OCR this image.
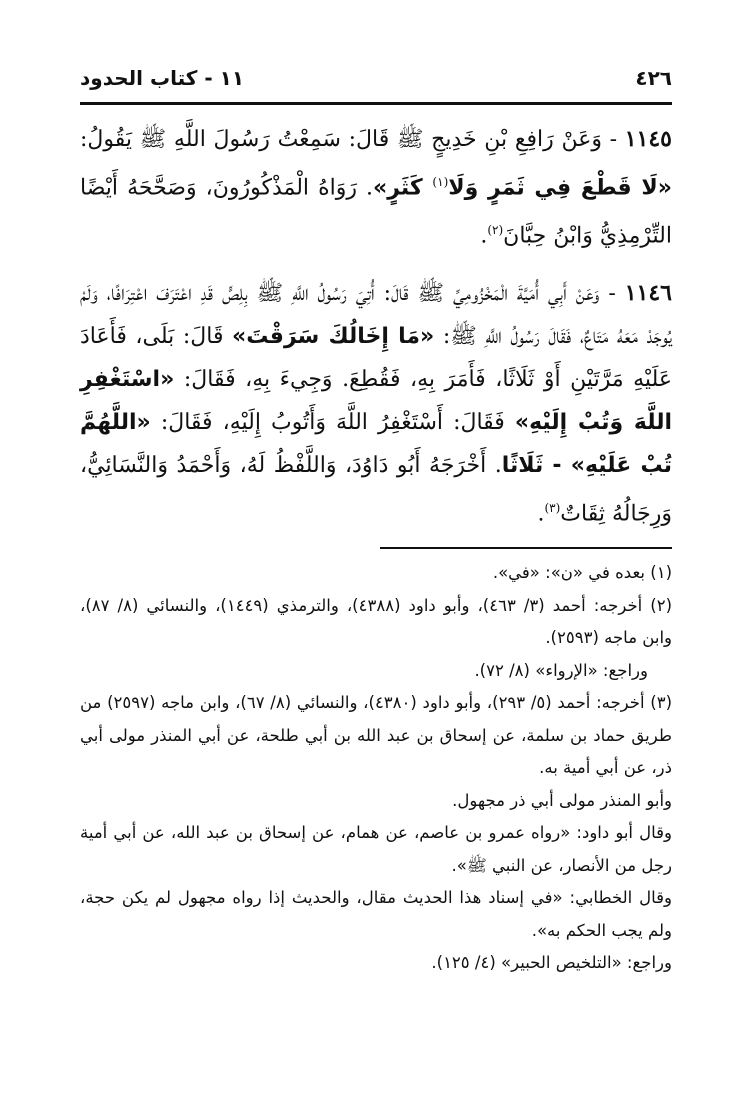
٤٢٦
١١ - كتاب الحدود

١١٤٥ - وَعَنْ رَافِعِ بْنِ خَدِيجٍ ﷺ قَالَ: سَمِعْتُ رَسُولَ اللَّهِ ﷺ يَقُولُ: «لَا قَطْعَ فِي ثَمَرٍ وَلَا$^{(١)}$ كَثَرٍ». رَوَاهُ الْمَذْكُورُونَ، وَصَحَّحَهُ أَيْضًا التِّرْمِذِيُّ وَابْنُ حِبَّانَ$^{(٢)}$.

١١٤٦ - وَعَنْ أَبِي أُمَيَّةَ الْمَخْزُومِيِّ ﷺ قَالَ: أُتِيَ رَسُولُ اللَّهِ ﷺ بِلِصٍّ قَدِ اعْتَرَفَ اعْتِرَافًا، وَلَمْ يُوجَدْ مَعَهُ مَتَاعٌ، فَقَالَ رَسُولُ اللَّهِ ﷺ: «مَا إِخَالُكَ سَرَقْتَ» قَالَ: بَلَى، فَأَعَادَ عَلَيْهِ مَرَّتَيْنِ أَوْ ثَلَاثًا، فَأَمَرَ بِهِ، فَقُطِعَ. وَجِيءَ بِهِ، فَقَالَ: «اسْتَغْفِرِ اللَّهَ وَتُبْ إِلَيْهِ» فَقَالَ: أَسْتَغْفِرُ اللَّهَ وَأَتُوبُ إِلَيْهِ، فَقَالَ: «اللَّهُمَّ تُبْ عَلَيْهِ» - ثَلَاثًا. أَخْرَجَهُ أَبُو دَاوُدَ، وَاللَّفْظُ لَهُ، وَأَحْمَدُ وَالنَّسَائِيُّ، وَرِجَالُهُ ثِقَاتٌ$^{(٣)}$.

(١) بعده في «ن»: «في».

(٢) أخرجه: أحمد (٣/ ٤٦٣)، وأبو داود (٤٣٨٨)، والترمذي (١٤٤٩)، والنسائي (٨/ ٨٧)، وابن ماجه (٢٥٩٣).

وراجع: «الإرواء» (٨/ ٧٢).

(٣) أخرجه: أحمد (٥/ ٢٩٣)، وأبو داود (٤٣٨٠)، والنسائي (٨/ ٦٧)، وابن ماجه (٢٥٩٧) من طريق حماد بن سلمة، عن إسحاق بن عبد الله بن أبي طلحة، عن أبي المنذر مولى أبي ذر، عن أبي أمية به.

وأبو المنذر مولى أبي ذر مجهول.

وقال أبو داود: «رواه عمرو بن عاصم، عن همام، عن إسحاق بن عبد الله، عن أبي أمية رجل من الأنصار، عن النبي ﷺ».

وقال الخطابي: «في إسناد هذا الحديث مقال، والحديث إذا رواه مجهول لم يكن حجة، ولم يجب الحكم به».

وراجع: «التلخيص الحبير» (٤/ ١٢٥).
